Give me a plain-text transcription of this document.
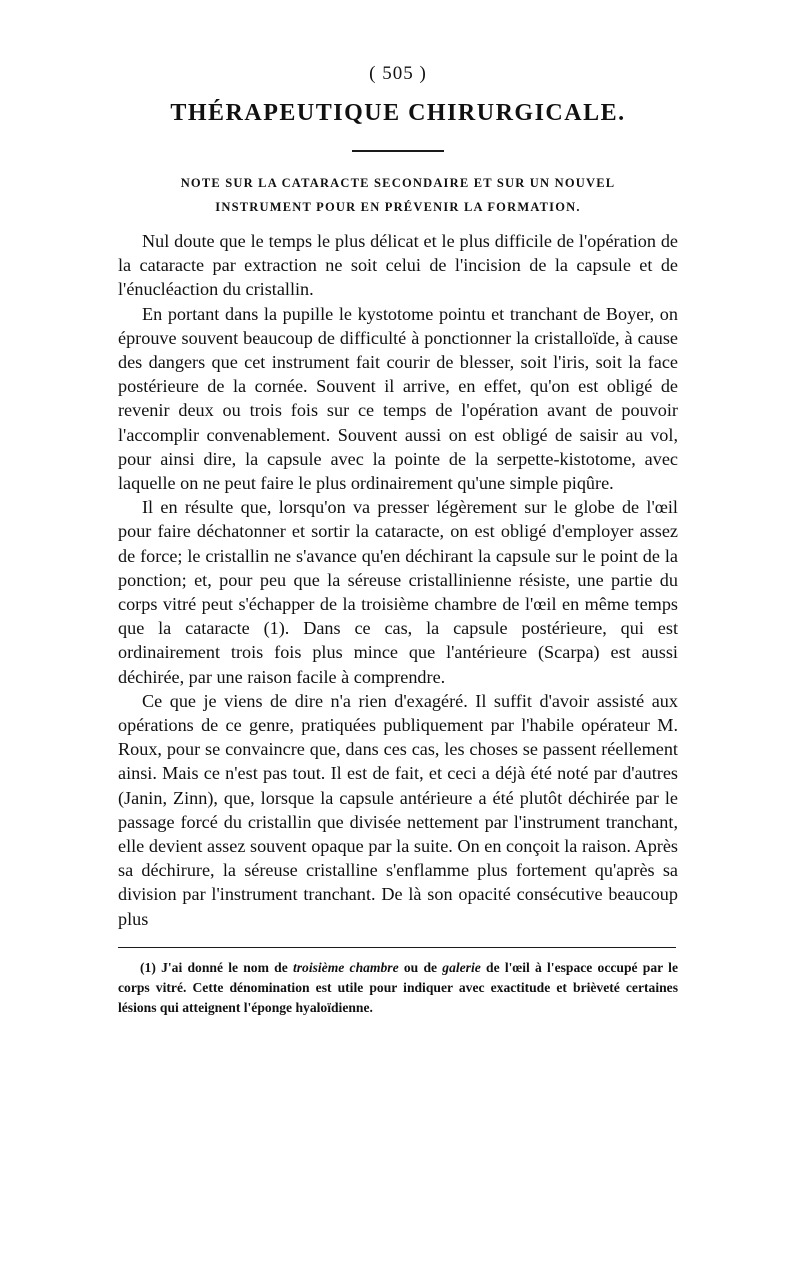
( 505 )
THÉRAPEUTIQUE CHIRURGICALE.
NOTE SUR LA CATARACTE SECONDAIRE ET SUR UN NOUVEL
INSTRUMENT POUR EN PRÉVENIR LA FORMATION.

Nul doute que le temps le plus délicat et le plus difficile de l'opération de la cataracte par extraction ne soit celui de l'incision de la capsule et de l'énucléaction du cristallin.

En portant dans la pupille le kystotome pointu et tranchant de Boyer, on éprouve souvent beaucoup de difficulté à ponctionner la cristalloïde, à cause des dangers que cet instrument fait courir de blesser, soit l'iris, soit la face postérieure de la cornée. Souvent il arrive, en effet, qu'on est obligé de revenir deux ou trois fois sur ce temps de l'opération avant de pouvoir l'accomplir convenablement. Souvent aussi on est obligé de saisir au vol, pour ainsi dire, la capsule avec la pointe de la serpette-kistotome, avec laquelle on ne peut faire le plus ordinairement qu'une simple piqûre.

Il en résulte que, lorsqu'on va presser légèrement sur le globe de l'œil pour faire déchatonner et sortir la cataracte, on est obligé d'employer assez de force; le cristallin ne s'avance qu'en déchirant la capsule sur le point de la ponction; et, pour peu que la séreuse cristallinienne résiste, une partie du corps vitré peut s'échapper de la troisième chambre de l'œil en même temps que la cataracte (1). Dans ce cas, la capsule postérieure, qui est ordinairement trois fois plus mince que l'antérieure (Scarpa) est aussi déchirée, par une raison facile à comprendre.

Ce que je viens de dire n'a rien d'exagéré. Il suffit d'avoir assisté aux opérations de ce genre, pratiquées publiquement par l'habile opérateur M. Roux, pour se convaincre que, dans ces cas, les choses se passent réellement ainsi. Mais ce n'est pas tout. Il est de fait, et ceci a déjà été noté par d'autres (Janin, Zinn), que, lorsque la capsule antérieure a été plutôt déchirée par le passage forcé du cristallin que divisée nettement par l'instrument tranchant, elle devient assez souvent opaque par la suite. On en conçoit la raison. Après sa déchirure, la séreuse cristalline s'enflamme plus fortement qu'après sa division par l'instrument tranchant. De là son opacité consécutive beaucoup plus

(1) J'ai donné le nom de troisième chambre ou de galerie de l'œil à l'espace occupé par le corps vitré. Cette dénomination est utile pour indiquer avec exactitude et brièveté certaines lésions qui atteignent l'éponge hyaloïdienne.
